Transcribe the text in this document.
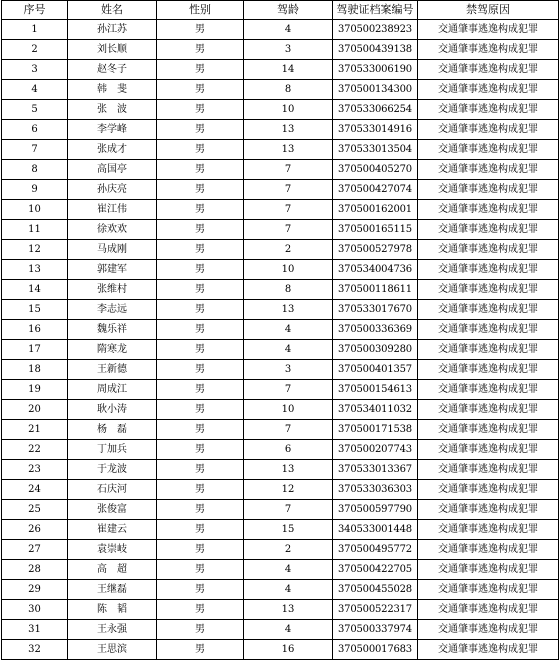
序号	姓名	性别	驾龄	驾驶证档案编号	禁驾原因
1	孙江苏	男	4	370500238923	交通肇事逃逸构成犯罪
2	刘长顺	男	3	370500439138	交通肇事逃逸构成犯罪
3	赵冬子	男	14	370533006190	交通肇事逃逸构成犯罪
4	韩　斐	男	8	370500134300	交通肇事逃逸构成犯罪
5	张　波	男	10	370533066254	交通肇事逃逸构成犯罪
6	李学峰	男	13	370533014916	交通肇事逃逸构成犯罪
7	张成才	男	13	370533013504	交通肇事逃逸构成犯罪
8	高国亭	男	7	370500405270	交通肇事逃逸构成犯罪
9	孙庆亮	男	7	370500427074	交通肇事逃逸构成犯罪
10	崔江伟	男	7	370500162001	交通肇事逃逸构成犯罪
11	徐欢欢	男	7	370500165115	交通肇事逃逸构成犯罪
12	马成刚	男	2	370500527978	交通肇事逃逸构成犯罪
13	郭建军	男	10	370534004736	交通肇事逃逸构成犯罪
14	张维村	男	8	370500118611	交通肇事逃逸构成犯罪
15	李志远	男	13	370533017670	交通肇事逃逸构成犯罪
16	魏乐祥	男	4	370500336369	交通肇事逃逸构成犯罪
17	隋寒龙	男	4	370500309280	交通肇事逃逸构成犯罪
18	王新德	男	3	370500401357	交通肇事逃逸构成犯罪
19	周成江	男	7	370500154613	交通肇事逃逸构成犯罪
20	耿小涛	男	10	370534011032	交通肇事逃逸构成犯罪
21	杨　磊	男	7	370500171538	交通肇事逃逸构成犯罪
22	丁加兵	男	6	370500207743	交通肇事逃逸构成犯罪
23	于龙波	男	13	370533013367	交通肇事逃逸构成犯罪
24	石庆河	男	12	370533036303	交通肇事逃逸构成犯罪
25	张俊富	男	7	370500597790	交通肇事逃逸构成犯罪
26	崔建云	男	15	340533001448	交通肇事逃逸构成犯罪
27	袁崇岐	男	2	370500495772	交通肇事逃逸构成犯罪
28	高　超	男	4	370500422705	交通肇事逃逸构成犯罪
29	王继磊	男	4	370500455028	交通肇事逃逸构成犯罪
30	陈　韬	男	13	370500522317	交通肇事逃逸构成犯罪
31	王永强	男	4	370500337974	交通肇事逃逸构成犯罪
32	王思滨	男	16	370500017683	交通肇事逃逸构成犯罪
